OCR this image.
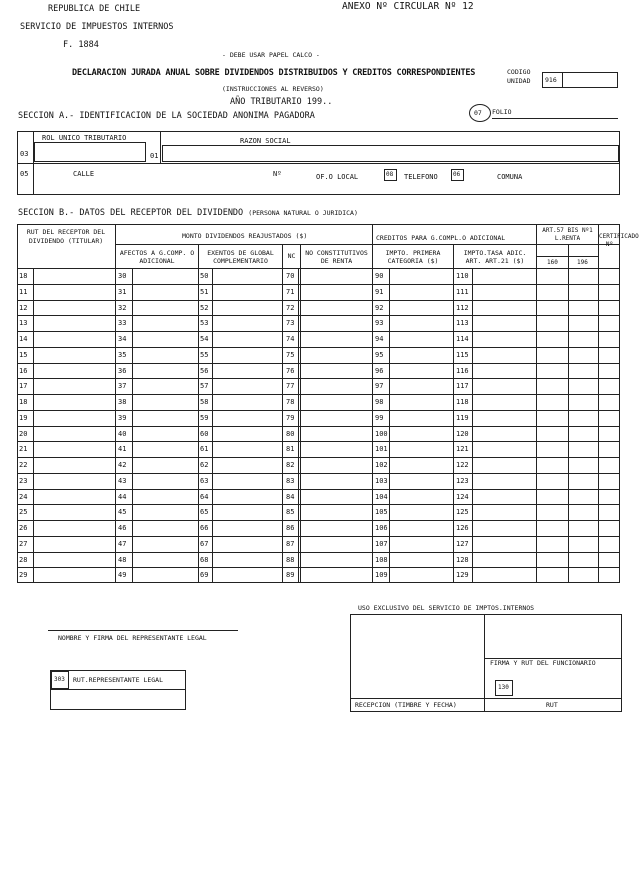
REPUBLICA DE CHILE
SERVICIO DE IMPUESTOS INTERNOS
F. 1884
ANEXO Nº CIRCULAR Nº 12
- DEBE USAR PAPEL CALCO -
DECLARACION JURADA ANUAL SOBRE DIVIDENDOS DISTRIBUIDOS Y CREDITOS CORRESPONDIENTES
(INSTRUCCIONES AL REVERSO)
AÑO TRIBUTARIO 199..
CODIGO
UNIDAD 916
07 FOLIO
SECCION A.- IDENTIFICACION DE LA SOCIEDAD ANONIMA PAGADORA
ROL UNICO TRIBUTARIO	RAZON SOCIAL
03	01
05	CALLE	Nº	OF.O LOCAL	08 TELEFONO	06	COMUNA
SECCION B.- DATOS DEL RECEPTOR DEL DIVIDENDO (PERSONA NATURAL O JURIDICA)
RUT DEL RECEPTOR DEL DIVIDENDO (TITULAR)
MONTO DIVIDENDOS REAJUSTADOS ($)	CREDITOS PARA G.COMPL.O ADICIONAL
AFECTOS A G.COMP. O ADICIONAL
EXENTOS DE GLOBAL COMPLEMENTARIO
NC	NO CONSTITUTIVOS DE RENTA
IMPTO. PRIMERA CATEGORIA ($)
IMPTO.TASA ADIC. ART. ART.21 ($)
ART.57 BIS Nº1 L.RENTA
160	196
CERTIFICADO Nº
18	30	50	70	90	110
11	31	51	71	91	111
12	32	52	72	92	112
13	33	53	73	93	113
14	34	54	74	94	114
15	35	55	75	95	115
16	36	56	76	96	116
17	37	57	77	97	117
18	38	58	78	98	118
19	39	59	79	99	119
20	40	60	80	100	120
21	41	61	81	101	121
22	42	62	82	102	122
23	43	63	83	103	123
24	44	64	84	104	124
25	45	65	85	105	125
26	46	66	86	106	126
27	47	67	87	107	127
28	48	68	88	108	128
29	49	69	89	109	129
NOMBRE Y FIRMA DEL REPRESENTANTE LEGAL
303 RUT.REPRESENTANTE LEGAL
USO EXCLUSIVO DEL SERVICIO DE IMPTOS.INTERNOS
FIRMA Y RUT DEL FUNCIONARIO
130
RECEPCION (TIMBRE Y FECHA)	RUT
